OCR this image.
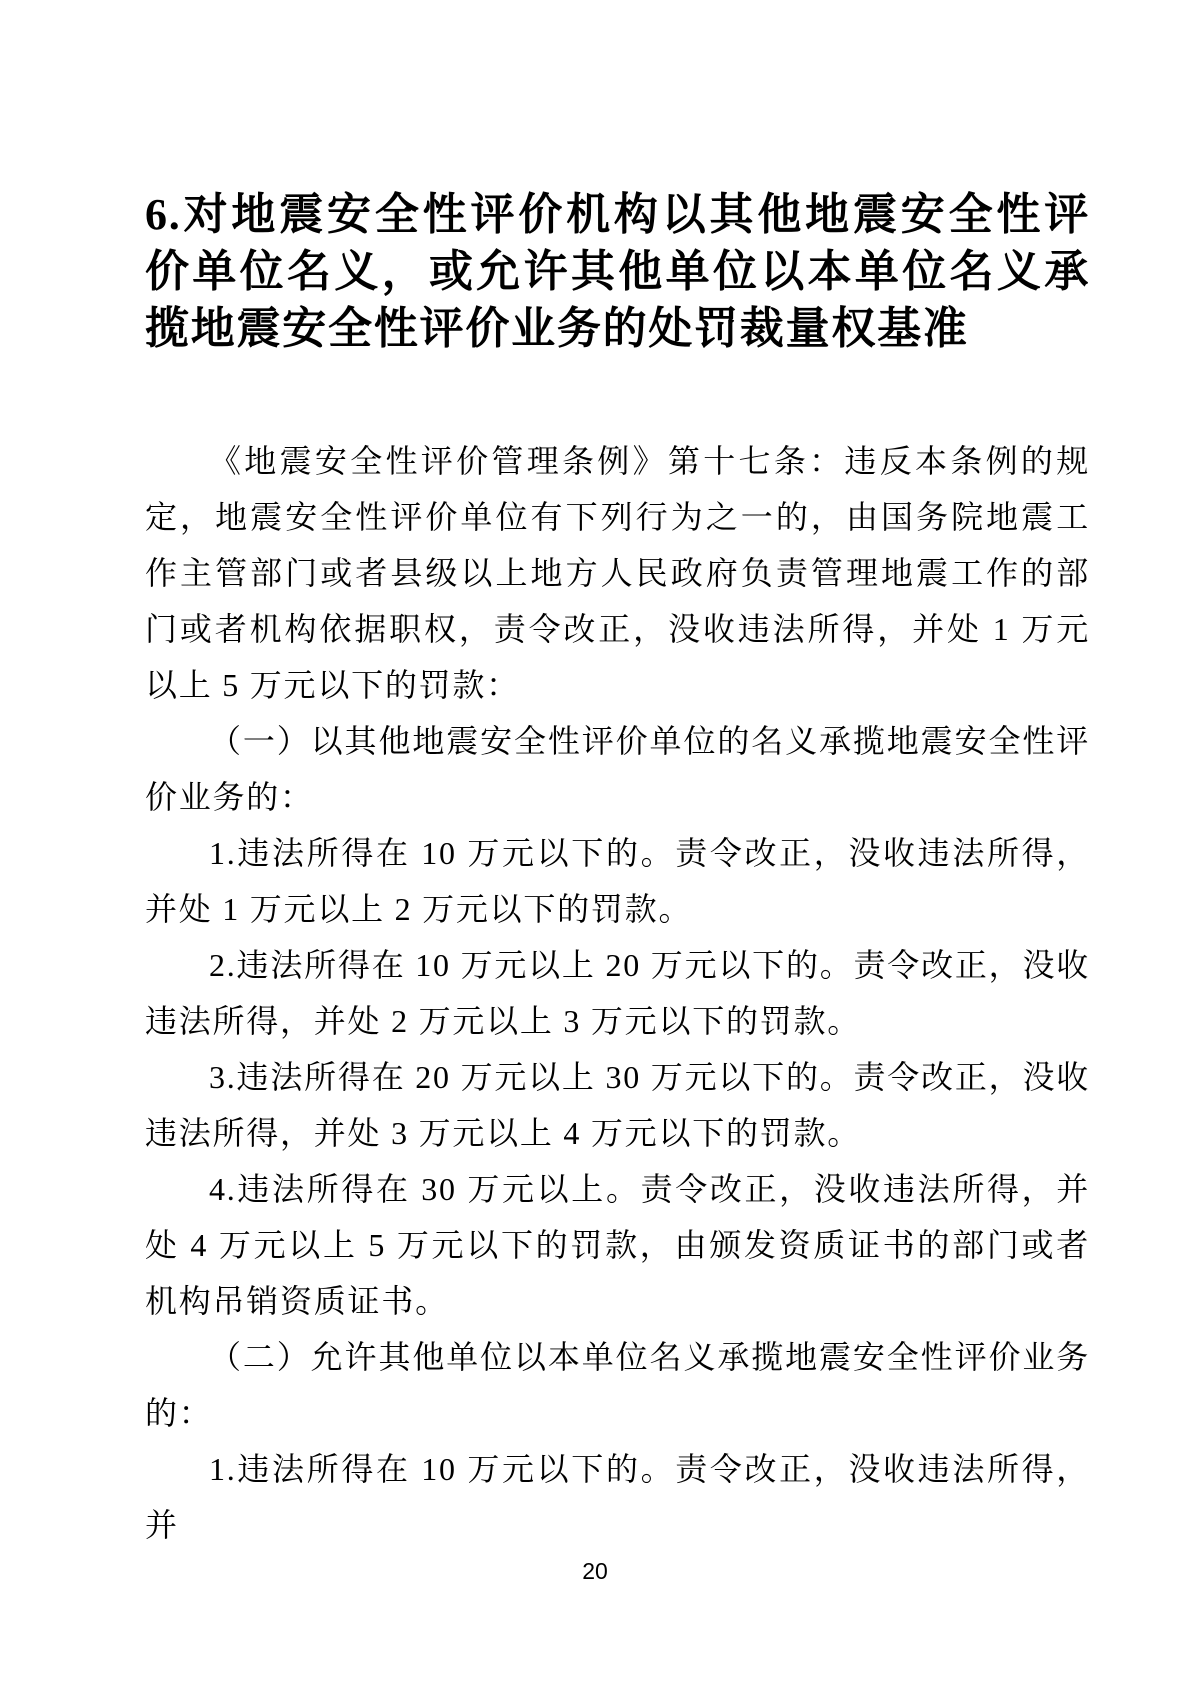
6.对地震安全性评价机构以其他地震安全性评价单位名义，或允许其他单位以本单位名义承揽地震安全性评价业务的处罚裁量权基准

《地震安全性评价管理条例》第十七条：违反本条例的规定，地震安全性评价单位有下列行为之一的，由国务院地震工作主管部门或者县级以上地方人民政府负责管理地震工作的部门或者机构依据职权，责令改正，没收违法所得，并处 1 万元以上 5 万元以下的罚款：

（一）以其他地震安全性评价单位的名义承揽地震安全性评价业务的：

1.违法所得在 10 万元以下的。责令改正，没收违法所得，并处 1 万元以上 2 万元以下的罚款。

2.违法所得在 10 万元以上 20 万元以下的。责令改正，没收违法所得，并处 2 万元以上 3 万元以下的罚款。

3.违法所得在 20 万元以上 30 万元以下的。责令改正，没收违法所得，并处 3 万元以上 4 万元以下的罚款。

4.违法所得在 30 万元以上。责令改正，没收违法所得，并处 4 万元以上 5 万元以下的罚款，由颁发资质证书的部门或者机构吊销资质证书。

（二）允许其他单位以本单位名义承揽地震安全性评价业务的：

1.违法所得在 10 万元以下的。责令改正，没收违法所得，并

20
